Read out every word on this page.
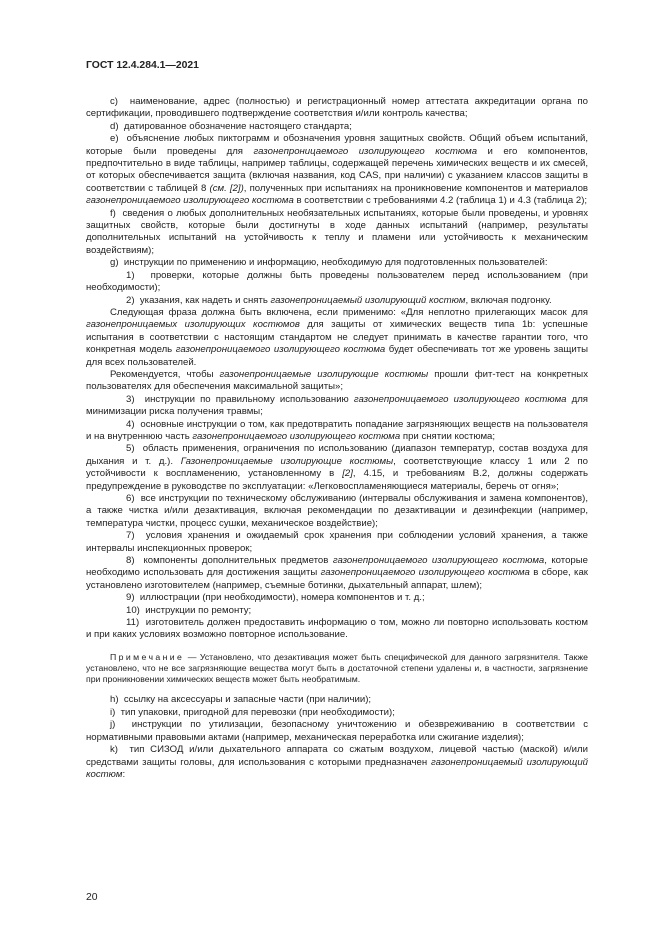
ГОСТ 12.4.284.1—2021

c)  наименование, адрес (полностью) и регистрационный номер аттестата аккредитации органа по сертификации, проводившего подтверждение соответствия и/или контроль качества;

d)  датированное обозначение настоящего стандарта;

e)  объяснение любых пиктограмм и обозначения уровня защитных свойств. Общий объем испытаний, которые были проведены для газонепроницаемого изолирующего костюма и его компонентов, предпочтительно в виде таблицы, например таблицы, содержащей перечень химических веществ и их смесей, от которых обеспечивается защита (включая названия, код CAS, при наличии) с указанием классов защиты в соответствии с таблицей 8 (см. [2]), полученных при испытаниях на проникновение компонентов и материалов газонепроницаемого изолирующего костюма в соответствии с требованиями 4.2 (таблица 1) и 4.3 (таблица 2);

f)  сведения о любых дополнительных необязательных испытаниях, которые были проведены, и уровнях защитных свойств, которые были достигнуты в ходе данных испытаний (например, результаты дополнительных испытаний на устойчивость к теплу и пламени или устойчивость к механическим воздействиям);

g)  инструкции по применению и информацию, необходимую для подготовленных пользователей:

1)  проверки, которые должны быть проведены пользователем перед использованием (при необходимости);

2)  указания, как надеть и снять газонепроницаемый изолирующий костюм, включая подгонку.

Следующая фраза должна быть включена, если применимо: «Для неплотно прилегающих масок для газонепроницаемых изолирующих костюмов для защиты от химических веществ типа 1b: успешные испытания в соответствии с настоящим стандартом не следует принимать в качестве гарантии того, что конкретная модель газонепроницаемого изолирующего костюма будет обеспечивать тот же уровень защиты для всех пользователей.

Рекомендуется, чтобы газонепроницаемые изолирующие костюмы прошли фит-тест на конкретных пользователях для обеспечения максимальной защиты»;

3)  инструкции по правильному использованию газонепроницаемого изолирующего костюма для минимизации риска получения травмы;

4)  основные инструкции о том, как предотвратить попадание загрязняющих веществ на пользователя и на внутреннюю часть газонепроницаемого изолирующего костюма при снятии костюма;

5)  область применения, ограничения по использованию (диапазон температур, состав воздуха для дыхания и т. д.). Газонепроницаемые изолирующие костюмы, соответствующие классу 1 или 2 по устойчивости к воспламенению, установленному в [2], 4.15, и требованиям В.2, должны содержать предупреждение в руководстве по эксплуатации: «Легковоспламеняющиеся материалы, беречь от огня»;

6)  все инструкции по техническому обслуживанию (интервалы обслуживания и замена компонентов), а также чистка и/или дезактивация, включая рекомендации по дезактивации и дезинфекции (например, температура чистки, процесс сушки, механическое воздействие);

7)  условия хранения и ожидаемый срок хранения при соблюдении условий хранения, а также интервалы инспекционных проверок;

8)  компоненты дополнительных предметов газонепроницаемого изолирующего костюма, которые необходимо использовать для достижения защиты газонепроницаемого изолирующего костюма в сборе, как установлено изготовителем (например, съемные ботинки, дыхательный аппарат, шлем);

9)  иллюстрации (при необходимости), номера компонентов и т. д.;

10)  инструкции по ремонту;

11)  изготовитель должен предоставить информацию о том, можно ли повторно использовать костюм и при каких условиях возможно повторное использование.

Примечание — Установлено, что дезактивация может быть специфической для данного загрязнителя. Также установлено, что не все загрязняющие вещества могут быть в достаточной степени удалены и, в частности, загрязнение при проникновении химических веществ может быть необратимым.

h)  ссылку на аксессуары и запасные части (при наличии);

i)  тип упаковки, пригодной для перевозки (при необходимости);

j)  инструкции по утилизации, безопасному уничтожению и обезвреживанию в соответствии с нормативными правовыми актами (например, механическая переработка или сжигание изделия);

k)  тип СИЗОД и/или дыхательного аппарата со сжатым воздухом, лицевой частью (маской) и/или средствами защиты головы, для использования с которыми предназначен газонепроницаемый изолирующий костюм:

20
